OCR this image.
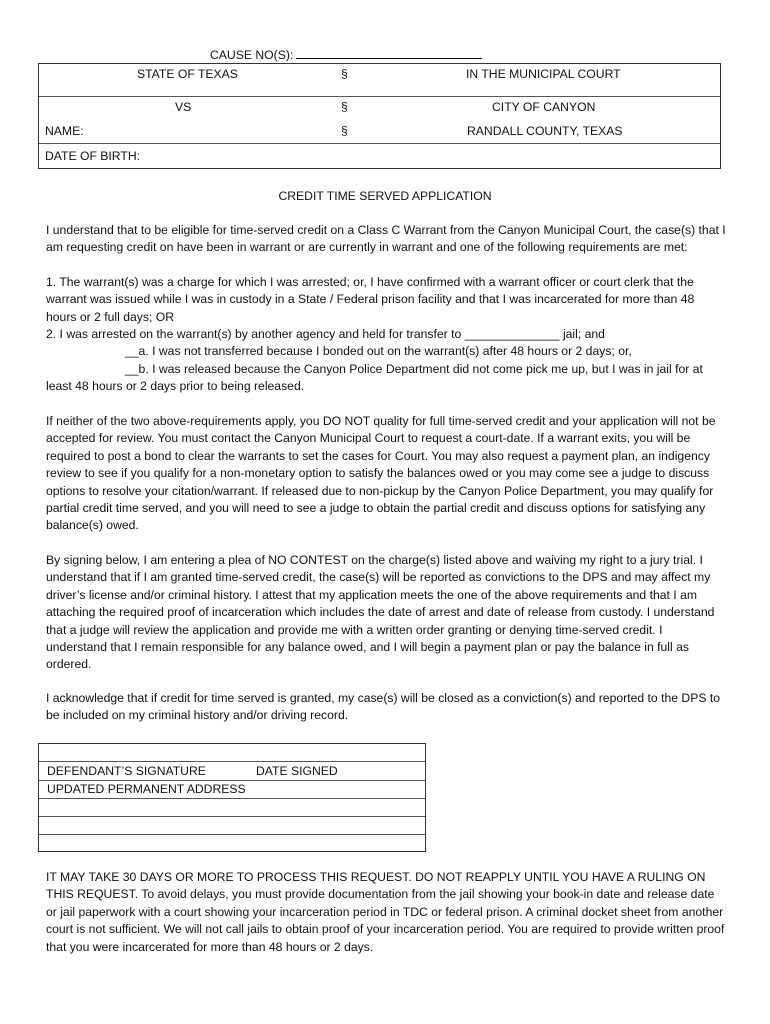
CAUSE NO(S):
STATE OF TEXAS	§	IN THE MUNICIPAL COURT
VS	§	CITY OF CANYON
NAME:	§	RANDALL COUNTY, TEXAS
DATE OF BIRTH:
CREDIT TIME SERVED APPLICATION

I understand that to be eligible for time-served credit on a Class C Warrant from the Canyon Municipal Court, the case(s) that I am requesting credit on have been in warrant or are currently in warrant and one of the following requirements are met:

1. The warrant(s) was a charge for which I was arrested; or, I have confirmed with a warrant officer or court clerk that the warrant was issued while I was in custody in a State / Federal prison facility and that I was incarcerated for more than 48 hours or 2 full days; OR

2. I was arrested on the warrant(s) by another agency and held for transfer to ______________ jail; and

__a. I was not transferred because I bonded out on the warrant(s) after 48 hours or 2 days; or,

__b. I was released because the Canyon Police Department did not come pick me up, but I was in jail for at

least 48 hours or 2 days prior to being released.

If neither of the two above-requirements apply, you DO NOT quality for full time-served credit and your application will not be accepted for review. You must contact the Canyon Municipal Court to request a court-date. If a warrant exits, you will be required to post a bond to clear the warrants to set the cases for Court. You may also request a payment plan, an indigency review to see if you qualify for a non-monetary option to satisfy the balances owed or you may come see a judge to discuss options to resolve your citation/warrant. If released due to non-pickup by the Canyon Police Department, you may qualify for partial credit time served, and you will need to see a judge to obtain the partial credit and discuss options for satisfying any balance(s) owed.

By signing below, I am entering a plea of NO CONTEST on the charge(s) listed above and waiving my right to a jury trial. I understand that if I am granted time-served credit, the case(s) will be reported as convictions to the DPS and may affect my driver’s license and/or criminal history. I attest that my application meets the one of the above requirements and that I am attaching the required proof of incarceration which includes the date of arrest and date of release from custody. I understand that a judge will review the application and provide me with a written order granting or denying time-served credit. I understand that I remain responsible for any balance owed, and I will begin a payment plan or pay the balance in full as ordered.

I acknowledge that if credit for time served is granted, my case(s) will be closed as a conviction(s) and reported to the DPS to be included on my criminal history and/or driving record.

DEFENDANT’S SIGNATURE	DATE SIGNED
UPDATED PERMANENT ADDRESS

IT MAY TAKE 30 DAYS OR MORE TO PROCESS THIS REQUEST. DO NOT REAPPLY UNTIL YOU HAVE A RULING ON THIS REQUEST. To avoid delays, you must provide documentation from the jail showing your book-in date and release date or jail paperwork with a court showing your incarceration period in TDC or federal prison. A criminal docket sheet from another court is not sufficient. We will not call jails to obtain proof of your incarceration period. You are required to provide written proof that you were incarcerated for more than 48 hours or 2 days.
